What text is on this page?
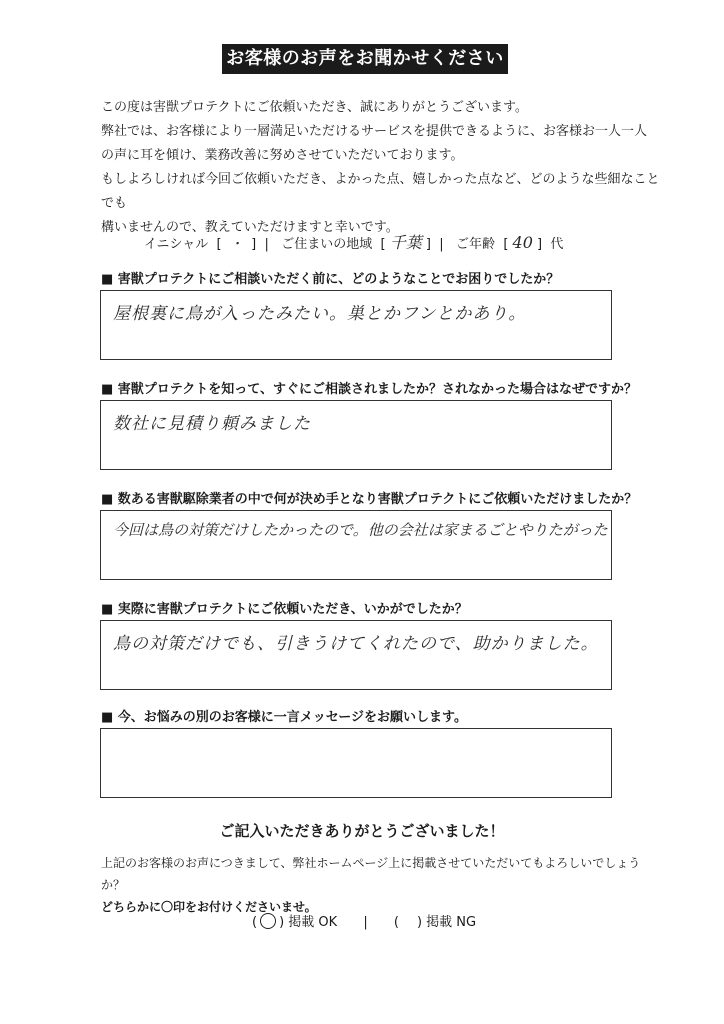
お客様のお声をお聞かせください

この度は害獣プロテクトにご依頼いただき、誠にありがとうございます。

弊社では、お客様により一層満足いただけるサービスを提供できるように、お客様お一人一人

の声に耳を傾け、業務改善に努めさせていただいております。

もしよろしければ今回ご依頼いただき、よかった点、嬉しかった点など、どのような些細なことでも

構いませんので、教えていただけますと幸いです。

イニシャル  [  ・  ]  |   ご住まいの地域  [ 千葉 ]  |   ご年齢  [ 40 ]  代
■ 害獣プロテクトにご相談いただく前に、どのようなことでお困りでしたか？
屋根裏に鳥が入ったみたい。巣とかフンとかあり。
■ 害獣プロテクトを知って、すぐにご相談されましたか？されなかった場合はなぜですか？
数社に見積り頼みました
■ 数ある害獣駆除業者の中で何が決め手となり害獣プロテクトにご依頼いただけましたか？
今回は鳥の対策だけしたかったので。他の会社は家まるごとやりたがった
■ 実際に害獣プロテクトにご依頼いただき、いかがでしたか？
鳥の対策だけでも、引きうけてくれたので、助かりました。
■ 今、お悩みの別のお客様に一言メッセージをお願いします。
ご記入いただきありがとうございました！

上記のお客様のお声につきまして、弊社ホームページ上に掲載させていただいてもよろしいでしょうか？

どちらかに〇印をお付けくださいませ。

( ) 掲載 OK | ( ) 掲載 NG
